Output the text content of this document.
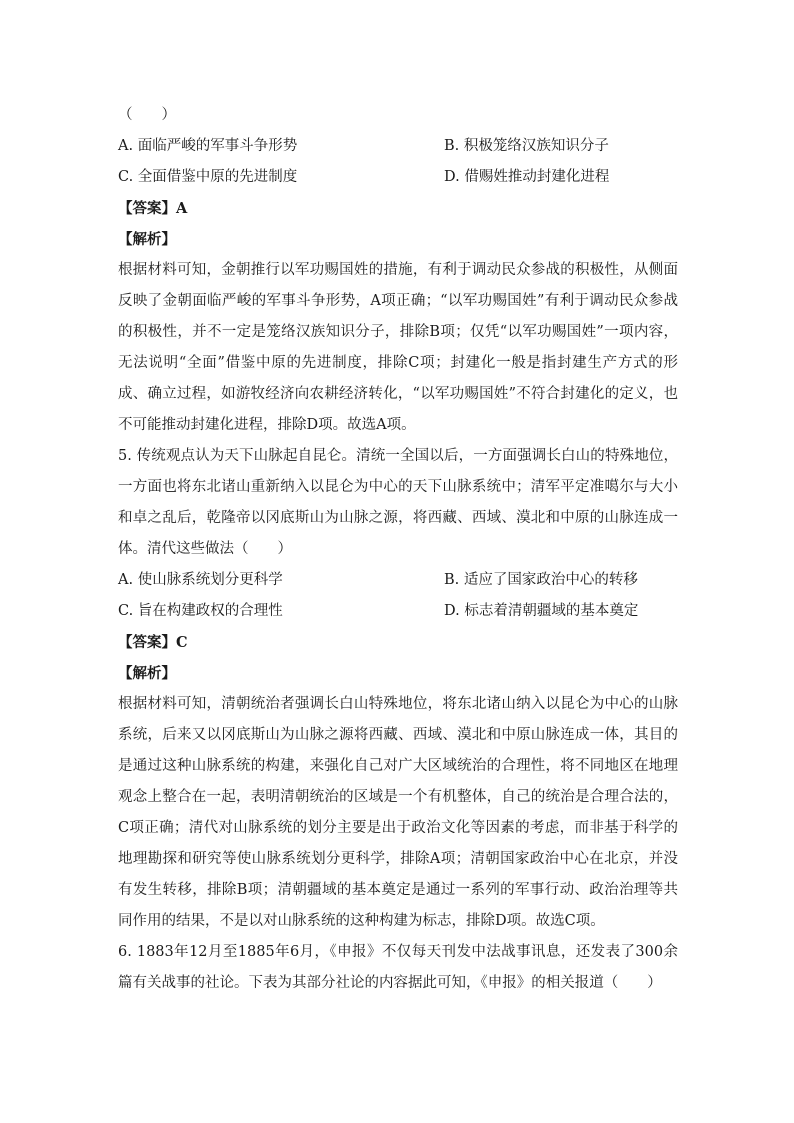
（　　）
A. 面临严峻的军事斗争形势	B. 积极笼络汉族知识分子
C. 全面借鉴中原的先进制度	D. 借赐姓推动封建化进程
【答案】A
【解析】
根据材料可知，金朝推行以军功赐国姓的措施，有利于调动民众参战的积极性，从侧面反映了金朝面临严峻的军事斗争形势，A项正确；“以军功赐国姓”有利于调动民众参战的积极性，并不一定是笼络汉族知识分子，排除B项；仅凭“以军功赐国姓”一项内容，无法说明“全面”借鉴中原的先进制度，排除C项；封建化一般是指封建生产方式的形成、确立过程，如游牧经济向农耕经济转化，“以军功赐国姓”不符合封建化的定义，也不可能推动封建化进程，排除D项。故选A项。
5. 传统观点认为天下山脉起自昆仑。清统一全国以后，一方面强调长白山的特殊地位，一方面也将东北诸山重新纳入以昆仑为中心的天下山脉系统中；清军平定准噶尔与大小和卓之乱后，乾隆帝以冈底斯山为山脉之源，将西藏、西域、漠北和中原的山脉连成一体。清代这些做法（　　）
A. 使山脉系统划分更科学	B. 适应了国家政治中心的转移
C. 旨在构建政权的合理性	D. 标志着清朝疆域的基本奠定
【答案】C
【解析】
根据材料可知，清朝统治者强调长白山特殊地位，将东北诸山纳入以昆仑为中心的山脉系统，后来又以冈底斯山为山脉之源将西藏、西域、漠北和中原山脉连成一体，其目的是通过这种山脉系统的构建，来强化自己对广大区域统治的合理性，将不同地区在地理观念上整合在一起，表明清朝统治的区域是一个有机整体，自己的统治是合理合法的，C项正确；清代对山脉系统的划分主要是出于政治文化等因素的考虑，而非基于科学的地理勘探和研究等使山脉系统划分更科学，排除A项；清朝国家政治中心在北京，并没有发生转移，排除B项；清朝疆域的基本奠定是通过一系列的军事行动、政治治理等共同作用的结果，不是以对山脉系统的这种构建为标志，排除D项。故选C项。
6. 1883年12月至1885年6月，《申报》不仅每天刊发中法战事讯息，还发表了300余篇有关战事的社论。下表为其部分社论的内容据此可知，《申报》的相关报道（　　）
